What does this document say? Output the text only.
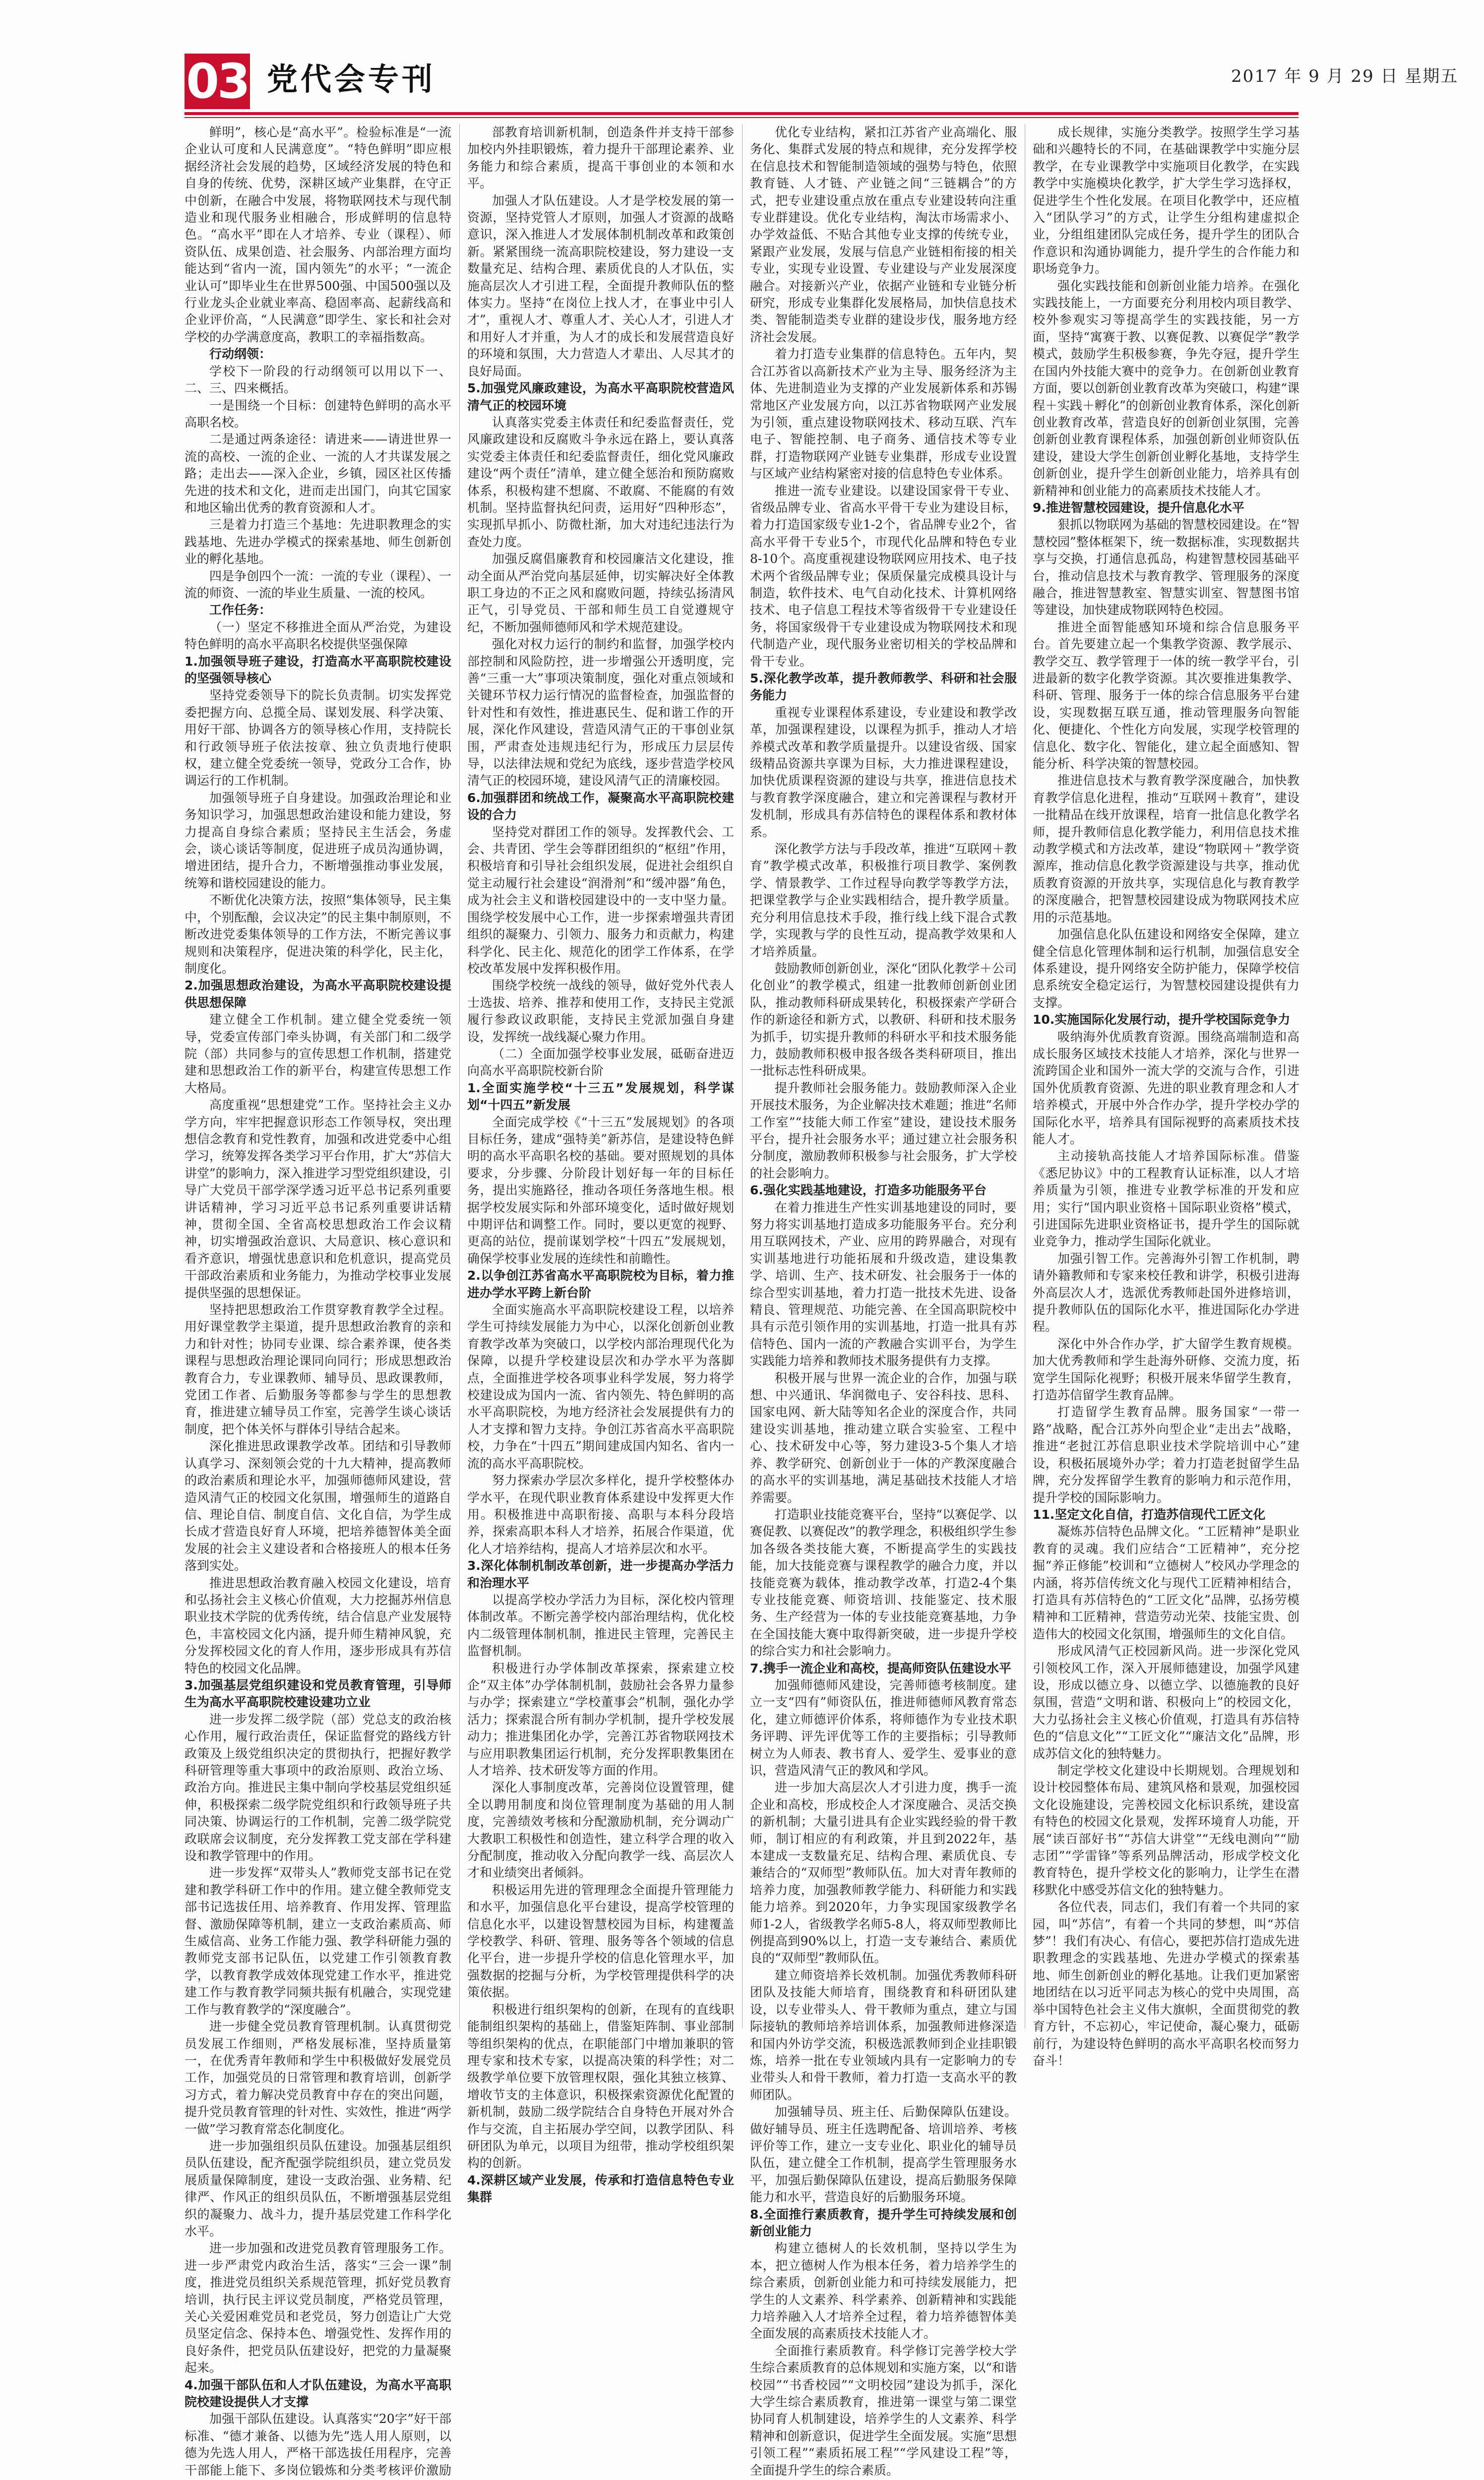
03 党代会专刊	2017 年 9 月 29 日 星期五

鲜明”，核心是“高水平”。检验标准是“一流企业认可度和人民满意度”。“特色鲜明”即应根据经济社会发展的趋势，区域经济发展的特色和自身的传统、优势，深耕区域产业集群，在守正中创新，在融合中发展，将物联网技术与现代制造业和现代服务业相融合，形成鲜明的信息特色。“高水平”即在人才培养、专业（课程）、师资队伍、成果创造、社会服务、内部治理方面均能达到“省内一流，国内领先”的水平；“一流企业认可”即毕业生在世界500强、中国500强以及行业龙头企业就业率高、稳固率高、起薪线高和企业评价高，“人民满意”即学生、家长和社会对学校的办学满意度高，教职工的幸福指数高。

行动纲领：

学校下一阶段的行动纲领可以用以下一、二、三、四来概括。

一是围绕一个目标：创建特色鲜明的高水平高职名校。

二是通过两条途径：请进来——请进世界一流的高校、一流的企业、一流的人才共谋发展之路；走出去——深入企业，乡镇，园区社区传播先进的技术和文化，进而走出国门，向其它国家和地区输出优秀的教育资源和人才。

三是着力打造三个基地：先进职教理念的实践基地、先进办学模式的探索基地、师生创新创业的孵化基地。

四是争创四个一流：一流的专业（课程）、一流的师资、一流的毕业生质量、一流的校风。

工作任务：

（一）坚定不移推进全面从严治党，为建设特色鲜明的高水平高职名校提供坚强保障

1.加强领导班子建设，打造高水平高职院校建设的坚强领导核心

坚持党委领导下的院长负责制。切实发挥党委把握方向、总揽全局、谋划发展、科学决策、用好干部、协调各方的领导核心作用，支持院长和行政领导班子依法按章、独立负责地行使职权，建立健全党委统一领导，党政分工合作，协调运行的工作机制。

加强领导班子自身建设。加强政治理论和业务知识学习，加强思想政治建设和能力建设，努力提高自身综合素质；坚持民主生活会，务虚会，谈心谈话等制度，促进班子成员沟通协调，增进团结，提升合力，不断增强推动事业发展，统筹和谐校园建设的能力。

不断优化决策方法，按照“集体领导，民主集中，个别酝酿，会议决定”的民主集中制原则，不断改进党委集体领导的工作方法，不断完善议事规则和决策程序，促进决策的科学化，民主化，制度化。

2.加强思想政治建设，为高水平高职院校建设提供思想保障

建立健全工作机制。建立健全党委统一领导，党委宣传部门牵头协调，有关部门和二级学院（部）共同参与的宣传思想工作机制，搭建党建和思想政治工作的新平台，构建宣传思想工作大格局。

高度重视“思想建党”工作。坚持社会主义办学方向，牢牢把握意识形态工作领导权，突出理想信念教育和党性教育，加强和改进党委中心组学习，统筹发挥各类学习平台作用，扩大“苏信大讲堂”的影响力，深入推进学习型党组织建设，引导广大党员干部学深学透习近平总书记系列重要讲话精神，学习习近平总书记系列重要讲话精神，贯彻全国、全省高校思想政治工作会议精神，切实增强政治意识、大局意识、核心意识和看齐意识，增强忧患意识和危机意识，提高党员干部政治素质和业务能力，为推动学校事业发展提供坚强的思想保证。

坚持把思想政治工作贯穿教育教学全过程。用好课堂教学主渠道，提升思想政治教育的亲和力和针对性；协同专业课、综合素养课，使各类课程与思想政治理论课同向同行；形成思想政治教育合力，专业课教师、辅导员、思政课教师，党团工作者、后勤服务等都参与学生的思想教育，推进建立辅导员工作室，完善学生谈心谈话制度，把个体关怀与群体引导结合起来。

深化推进思政课教学改革。团结和引导教师认真学习、深刻领会党的十九大精神，提高教师的政治素质和理论水平，加强师德师风建设，营造风清气正的校园文化氛围，增强师生的道路自信、理论自信、制度自信、文化自信，为学生成长成才营造良好育人环境，把培养德智体美全面发展的社会主义建设者和合格接班人的根本任务落到实处。

推进思想政治教育融入校园文化建设，培育和弘扬社会主义核心价值观，大力挖掘苏州信息职业技术学院的优秀传统，结合信息产业发展特色，丰富校园文化内涵，提升师生精神风貌，充分发挥校园文化的育人作用，逐步形成具有苏信特色的校园文化品牌。

3.加强基层党组织建设和党员教育管理，引导师生为高水平高职院校建设建功立业

进一步发挥二级学院（部）党总支的政治核心作用，履行政治责任，保证监督党的路线方针政策及上级党组织决定的贯彻执行，把握好教学科研管理等重大事项中的政治原则、政治立场、政治方向。推进民主集中制向学校基层党组织延伸，积极探索二级学院党组织和行政领导班子共同决策、协调运行的工作机制，完善二级学院党政联席会议制度，充分发挥教工党支部在学科建设和教学管理中的作用。

进一步发挥“双带头人”教师党支部书记在党建和教学科研工作中的作用。建立健全教师党支部书记选拔任用、培养教育、作用发挥、管理监督、激励保障等机制，建立一支政治素质高、师生威信高、业务工作能力强、教学科研能力强的教师党支部书记队伍，以党建工作引领教育教学，以教育教学成效体现党建工作水平，推进党建工作与教育教学同频共振有机融合，实现党建工作与教育教学的“深度融合”。

进一步健全党员教育管理机制。认真贯彻党员发展工作细则，严格发展标准，坚持质量第一，在优秀青年教师和学生中积极做好发展党员工作，加强党员的日常管理和教育培训，创新学习方式，着力解决党员教育中存在的突出问题，提升党员教育管理的针对性、实效性，推进“两学一做”学习教育常态化制度化。

进一步加强组织员队伍建设。加强基层组织员队伍建设，配齐配强学院组织员，建立党员发展质量保障制度，建设一支政治强、业务精、纪律严、作风正的组织员队伍，不断增强基层党组织的凝聚力、战斗力，提升基层党建工作科学化水平。

进一步加强和改进党员教育管理服务工作。进一步严肃党内政治生活，落实“三会一课”制度，推进党员组织关系规范管理，抓好党员教育培训，执行民主评议党员制度，严格党员管理，关心关爱困难党员和老党员，努力创造让广大党员坚定信念、保持本色、增强党性、发挥作用的良好条件，把党员队伍建设好，把党的力量凝聚起来。

4.加强干部队伍和人才队伍建设，为高水平高职院校建设提供人才支撑

加强干部队伍建设。认真落实“20字”好干部标准、“德才兼备、以德为先”选人用人原则，以德为先选人用人，严格干部选拔任用程序，完善干部能上能下、多岗位锻炼和分类考核评价激励

部教育培训新机制，创造条件并支持干部参加校内外挂职锻炼，着力提升干部理论素养、业务能力和综合素质，提高干事创业的本领和水平。

加强人才队伍建设。人才是学校发展的第一资源，坚持党管人才原则，加强人才资源的战略意识，深入推进人才发展体制机制改革和政策创新。紧紧围绕一流高职院校建设，努力建设一支数量充足、结构合理、素质优良的人才队伍，实施高层次人才引进工程，全面提升教师队伍的整体实力。坚持“在岗位上找人才，在事业中引人才”，重视人才、尊重人才、关心人才，引进人才和用好人才并重，为人才的成长和发展营造良好的环境和氛围，大力营造人才辈出、人尽其才的良好局面。

5.加强党风廉政建设，为高水平高职院校营造风清气正的校园环境

认真落实党委主体责任和纪委监督责任，党风廉政建设和反腐败斗争永远在路上，要认真落实党委主体责任和纪委监督责任，细化党风廉政建设“两个责任”清单，建立健全惩治和预防腐败体系，积极构建不想腐、不敢腐、不能腐的有效机制。坚持监督执纪问责，运用好“四种形态”，实现抓早抓小、防微杜渐，加大对违纪违法行为查处力度。

加强反腐倡廉教育和校园廉洁文化建设，推动全面从严治党向基层延伸，切实解决好全体教职工身边的不正之风和腐败问题，持续弘扬清风正气，引导党员、干部和师生员工自觉遵规守纪，不断加强师德师风和学术规范建设。

强化对权力运行的制约和监督，加强学校内部控制和风险防控，进一步增强公开透明度，完善“三重一大”事项决策制度，强化对重点领域和关键环节权力运行情况的监督检查，加强监督的针对性和有效性，推进惠民生、促和谐工作的开展，深化作风建设，营造风清气正的干事创业氛围，严肃查处违规违纪行为，形成压力层层传导，以法律法规和党纪为底线，逐步营造学校风清气正的校园环境，建设风清气正的清廉校园。

6.加强群团和统战工作，凝聚高水平高职院校建设的合力

坚持党对群团工作的领导。发挥教代会、工会、共青团、学生会等群团组织的“枢纽”作用，积极培育和引导社会组织发展，促进社会组织自觉主动履行社会建设“润滑剂”和“缓冲器”角色，成为社会主义和谐校园建设中的一支中坚力量。围绕学校发展中心工作，进一步探索增强共青团组织的凝聚力、引领力、服务力和贡献力，构建科学化、民主化、规范化的团学工作体系，在学校改革发展中发挥积极作用。

围绕学校统一战线的领导，做好党外代表人士选拔、培养、推荐和使用工作，支持民主党派履行参政议政职能，支持民主党派加强自身建设，发挥统一战线凝心聚力作用。

（二）全面加强学校事业发展，砥砺奋进迈向高水平高职院校新台阶

1.全面实施学校“十三五”发展规划，科学谋划“十四五”新发展

全面完成学校《“十三五”发展规划》的各项目标任务，建成“强特美”新苏信，是建设特色鲜明的高水平高职名校的基础。要对照规划的具体要求，分步骤、分阶段计划好每一年的目标任务，提出实施路径，推动各项任务落地生根。根据学校发展实际和外部环境变化，适时做好规划中期评估和调整工作。同时，要以更宽的视野、更高的站位，提前谋划学校“十四五”发展规划，确保学校事业发展的连续性和前瞻性。

2.以争创江苏省高水平高职院校为目标，着力推进办学水平跨上新台阶

全面实施高水平高职院校建设工程，以培养学生可持续发展能力为中心，以深化创新创业教育教学改革为突破口，以学校内部治理现代化为保障，以提升学校建设层次和办学水平为落脚点，全面推进学校各项事业科学发展，努力将学校建设成为国内一流、省内领先、特色鲜明的高水平高职院校，为地方经济社会发展提供有力的人才支撑和智力支持。争创江苏省高水平高职院校，力争在“十四五”期间建成国内知名、省内一流的高水平高职院校。

努力探索办学层次多样化，提升学校整体办学水平，在现代职业教育体系建设中发挥更大作用。积极推进中高职衔接、高职与本科分段培养，探索高职本科人才培养，拓展合作渠道，优化人才培养结构，提高人才培养层次和水平。

3.深化体制机制改革创新，进一步提高办学活力和治理水平

以提高学校办学活力为目标，深化校内管理体制改革。不断完善学校内部治理结构，优化校内二级管理体制机制，推进民主管理，完善民主监督机制。

积极进行办学体制改革探索，探索建立校企“双主体”办学体制机制，鼓励社会各界力量参与办学；探索建立“学校董事会”机制，强化办学活力；探索混合所有制办学机制，提升学校发展动力；推进集团化办学，完善江苏省物联网技术与应用职教集团运行机制，充分发挥职教集团在人才培养、技术研发等方面的作用。

深化人事制度改革，完善岗位设置管理，健全以聘用制度和岗位管理制度为基础的用人制度，完善绩效考核和分配激励机制，充分调动广大教职工积极性和创造性，建立科学合理的收入分配制度，推动收入分配向教学一线、高层次人才和业绩突出者倾斜。

积极运用先进的管理理念全面提升管理能力和水平，加强信息化平台建设，提高学校管理的信息化水平，以建设智慧校园为目标，构建覆盖学校教学、科研、管理、服务等各个领域的信息化平台，进一步提升学校的信息化管理水平，加强数据的挖掘与分析，为学校管理提供科学的决策依据。

积极进行组织架构的创新，在现有的直线职能制组织架构的基础上，借鉴矩阵制、事业部制等组织架构的优点，在职能部门中增加兼职的管理专家和技术专家，以提高决策的科学性；对二级教学单位要下放管理权限，强化其独立核算、增收节支的主体意识，积极探索资源优化配置的新机制，鼓励二级学院结合自身特色开展对外合作与交流，自主拓展办学空间，以教学团队、科研团队为单元，以项目为纽带，推动学校组织架构的创新。

4.深耕区域产业发展，传承和打造信息特色专业集群

优化专业结构，紧扣江苏省产业高端化、服务化、集群式发展的特点和规律，充分发挥学校在信息技术和智能制造领域的强势与特色，依照教育链、人才链、产业链之间“三链耦合”的方式，把专业建设重点放在重点专业建设转向注重专业群建设。优化专业结构，淘汰市场需求小、办学效益低、不贴合其他专业支撑的传统专业，紧跟产业发展，发展与信息产业链相衔接的相关专业，实现专业设置、专业建设与产业发展深度融合。对接新兴产业，依据产业链和专业链分析研究，形成专业集群化发展格局，加快信息技术类、智能制造类专业群的建设步伐，服务地方经济社会发展。

着力打造专业集群的信息特色。五年内，契合江苏省以高新技术产业为主导、服务经济为主体、先进制造业为支撑的产业发展新体系和苏锡常地区产业发展方向，以江苏省物联网产业发展为引领，重点建设物联网技术、移动互联、汽车电子、智能控制、电子商务、通信技术等专业群，打造物联网产业链专业集群，形成专业设置与区域产业结构紧密对接的信息特色专业体系。

推进一流专业建设。以建设国家骨干专业、省级品牌专业、省高水平骨干专业为建设目标，着力打造国家级专业1-2个，省品牌专业2个，省高水平骨干专业5个，市现代化品牌和特色专业8-10个。高度重视建设物联网应用技术、电子技术两个省级品牌专业；保质保量完成模具设计与制造，软件技术、电气自动化技术、计算机网络技术、电子信息工程技术等省级骨干专业建设任务，将国家级骨干专业建设成为物联网技术和现代制造产业，现代服务业密切相关的学校品牌和骨干专业。

5.深化教学改革，提升教师教学、科研和社会服务能力

重视专业课程体系建设，专业建设和教学改革，加强课程建设，以课程为抓手，推动人才培养模式改革和教学质量提升。以建设省级、国家级精品资源共享课为目标，大力推进课程建设，加快优质课程资源的建设与共享，推进信息技术与教育教学深度融合，建立和完善课程与教材开发机制，形成具有苏信特色的课程体系和教材体系。

深化教学方法与手段改革，推进“互联网＋教育”教学模式改革，积极推行项目教学、案例教学、情景教学、工作过程导向教学等教学方法，把课堂教学与企业实践相结合，提升教学质量。充分利用信息技术手段，推行线上线下混合式教学，实现教与学的良性互动，提高教学效果和人才培养质量。

鼓励教师创新创业，深化“团队化教学＋公司化创业”的教学模式，组建一批教师创新创业团队，推动教师科研成果转化，积极探索产学研合作的新途径和新方式，以教研、科研和技术服务为抓手，切实提升教师的科研水平和技术服务能力，鼓励教师积极申报各级各类科研项目，推出一批标志性科研成果。

提升教师社会服务能力。鼓励教师深入企业开展技术服务，为企业解决技术难题；推进“名师工作室”“技能大师工作室”建设，建设技术服务平台，提升社会服务水平；通过建立社会服务积分制度，激励教师积极参与社会服务，扩大学校的社会影响力。

6.强化实践基地建设，打造多功能服务平台

在着力推进生产性实训基地建设的同时，要努力将实训基地打造成多功能服务平台。充分利用互联网技术，产业、应用的跨界融合，对现有实训基地进行功能拓展和升级改造，建设集教学、培训、生产、技术研发、社会服务于一体的综合型实训基地，着力打造一批技术先进、设备精良、管理规范、功能完善、在全国高职院校中具有示范引领作用的实训基地，打造一批具有苏信特色、国内一流的产教融合实训平台，为学生实践能力培养和教师技术服务提供有力支撑。

积极开展与世界一流企业的合作，加强与联想、中兴通讯、华润微电子、安谷科技、思科、国家电网、新大陆等知名企业的深度合作，共同建设实训基地，推动建立联合实验室、工程中心、技术研发中心等，努力建设3-5个集人才培养、教学研究、创新创业于一体的产教深度融合的高水平的实训基地，满足基础技术技能人才培养需要。

打造职业技能竞赛平台，坚持“以赛促学、以赛促教、以赛促改”的教学理念，积极组织学生参加各级各类技能大赛，不断提高学生的实践技能，加大技能竞赛与课程教学的融合力度，并以技能竞赛为载体，推动教学改革，打造2-4个集专业技能竞赛、师资培训、技能鉴定、技术服务、生产经营为一体的专业技能竞赛基地，力争在全国技能大赛中取得新突破，进一步提升学校的综合实力和社会影响力。

7.携手一流企业和高校，提高师资队伍建设水平

加强师德师风建设，完善师德考核制度。建立一支“四有”师资队伍，推进师德师风教育常态化，建立师德评价体系，将师德作为专业技术职务评聘、评先评优等工作的主要指标；引导教师树立为人师表、教书育人、爱学生、爱事业的意识，营造风清气正的教风和学风。

进一步加大高层次人才引进力度，携手一流企业和高校，形成校企人才深度融合、灵活交换的新机制；大量引进具有企业实践经验的骨干教师，制订相应的有利政策，并且到2022年，基本建成一支数量充足、结构合理、素质优良、专兼结合的“双师型”教师队伍。加大对青年教师的培养力度，加强教师教学能力、科研能力和实践能力培养。到2020年，力争实现国家级教学名师1-2人，省级教学名师5-8人，将双师型教师比例提高到90%以上，打造一支专兼结合、素质优良的“双师型”教师队伍。

建立师资培养长效机制。加强优秀教师科研团队及技能大师培育，围绕教育和科研团队建设，以专业带头人、骨干教师为重点，建立与国际接轨的教师培养培训体系，加强教师进修深造和国内外访学交流，积极选派教师到企业挂职锻炼，培养一批在专业领域内具有一定影响力的专业带头人和骨干教师，着力打造一支高水平的教师团队。

加强辅导员、班主任、后勤保障队伍建设。做好辅导员、班主任选聘配备、培训培养、考核评价等工作，建立一支专业化、职业化的辅导员队伍，建立健全工作机制，提高学生管理服务水平，加强后勤保障队伍建设，提高后勤服务保障能力和水平，营造良好的后勤服务环境。

8.全面推行素质教育，提升学生可持续发展和创新创业能力

构建立德树人的长效机制，坚持以学生为本，把立德树人作为根本任务，着力培养学生的综合素质，创新创业能力和可持续发展能力，把学生的人文素养、科学素养、创新精神和实践能力培养融入人才培养全过程，着力培养德智体美全面发展的高素质技术技能人才。

全面推行素质教育。科学修订完善学校大学生综合素质教育的总体规划和实施方案，以“和谐校园”“书香校园”“文明校园”建设为抓手，深化大学生综合素质教育，推进第一课堂与第二课堂协同育人机制建设，培养学生的人文素养、科学精神和创新意识，促进学生全面发展。实施“思想引领工程”“素质拓展工程”“学风建设工程”等，全面提升学生的综合素质。

成长规律，实施分类教学。按照学生学习基础和兴趣特长的不同，在基础课教学中实施分层教学，在专业课教学中实施项目化教学，在实践教学中实施模块化教学，扩大学生学习选择权，促进学生个性化发展。在项目化教学中，还应植入“团队学习”的方式，让学生分组构建虚拟企业，分组组建团队完成任务，提升学生的团队合作意识和沟通协调能力，提升学生的合作能力和职场竞争力。

强化实践技能和创新创业能力培养。在强化实践技能上，一方面要充分利用校内项目教学、校外参观实习等提高学生的实践技能，另一方面，坚持“寓赛于教、以赛促教、以赛促学”教学模式，鼓励学生积极参赛，争先夺冠，提升学生在国内外技能大赛中的竞争力。在创新创业教育方面，要以创新创业教育改革为突破口，构建“课程＋实践＋孵化”的创新创业教育体系，深化创新创业教育改革，营造良好的创新创业氛围，完善创新创业教育课程体系，加强创新创业师资队伍建设，建设大学生创新创业孵化基地，支持学生创新创业，提升学生创新创业能力，培养具有创新精神和创业能力的高素质技术技能人才。

9.推进智慧校园建设，提升信息化水平

狠抓以物联网为基础的智慧校园建设。在“智慧校园”整体框架下，统一数据标准，实现数据共享与交换，打通信息孤岛，构建智慧校园基础平台，推动信息技术与教育教学、管理服务的深度融合，推进智慧教室、智慧实训室、智慧图书馆等建设，加快建成物联网特色校园。

推进全面智能感知环境和综合信息服务平台。首先要建立起一个集教学资源、教学展示、教学交互、教学管理于一体的统一教学平台，引进最新的数字化教学资源。其次要推进集教学、科研、管理、服务于一体的综合信息服务平台建设，实现数据互联互通，推动管理服务向智能化、便捷化、个性化方向发展，实现学校管理的信息化、数字化、智能化，建立起全面感知、智能分析、科学决策的智慧校园。

推进信息技术与教育教学深度融合，加快教育教学信息化进程，推动“互联网＋教育”，建设一批精品在线开放课程，培育一批信息化教学名师，提升教师信息化教学能力，利用信息技术推动教学模式和方法改革，建设“物联网＋”教学资源库，推动信息化教学资源建设与共享，推动优质教育资源的开放共享，实现信息化与教育教学的深度融合，把智慧校园建设成为物联网技术应用的示范基地。

加强信息化队伍建设和网络安全保障，建立健全信息化管理体制和运行机制，加强信息安全体系建设，提升网络安全防护能力，保障学校信息系统安全稳定运行，为智慧校园建设提供有力支撑。

10.实施国际化发展行动，提升学校国际竞争力

吸纳海外优质教育资源。围绕高端制造和高成长服务区域技术技能人才培养，深化与世界一流跨国企业和国外一流大学的交流与合作，引进国外优质教育资源、先进的职业教育理念和人才培养模式，开展中外合作办学，提升学校办学的国际化水平，培养具有国际视野的高素质技术技能人才。

主动接轨高技能人才培养国际标准。借鉴《悉尼协议》中的工程教育认证标准，以人才培养质量为引领，推进专业教学标准的开发和应用；实行“国内职业资格＋国际职业资格”模式，引进国际先进职业资格证书，提升学生的国际就业竞争力，推动学生国际化就业。

加强引智工作。完善海外引智工作机制，聘请外籍教师和专家来校任教和讲学，积极引进海外高层次人才，选派优秀教师赴国外进修培训，提升教师队伍的国际化水平，推进国际化办学进程。

深化中外合作办学，扩大留学生教育规模。加大优秀教师和学生赴海外研修、交流力度，拓宽学生国际化视野；积极开展来华留学生教育，打造苏信留学生教育品牌。

打造留学生教育品牌。服务国家“一带一路”战略，配合江苏外向型企业“走出去”战略，推进“老挝江苏信息职业技术学院培训中心”建设，积极拓展境外办学；着力打造老挝留学生品牌，充分发挥留学生教育的影响力和示范作用，提升学校的国际影响力。

11.坚定文化自信，打造苏信现代工匠文化

凝炼苏信特色品牌文化。“工匠精神”是职业教育的灵魂。我们应结合“工匠精神”，充分挖掘“养正修能”校训和“立德树人”校风办学理念的内涵，将苏信传统文化与现代工匠精神相结合，打造具有苏信特色的“工匠文化”品牌，弘扬劳模精神和工匠精神，营造劳动光荣、技能宝贵、创造伟大的校园文化氛围，增强师生的文化自信。

形成风清气正校园新风尚。进一步深化党风引领校风工作，深入开展师德建设，加强学风建设，形成以德立身、以德立学、以德施教的良好氛围，营造“文明和谐、积极向上”的校园文化，大力弘扬社会主义核心价值观，打造具有苏信特色的“信息文化”“工匠文化”“廉洁文化”品牌，形成苏信文化的独特魅力。

制定学校文化建设中长期规划。合理规划和设计校园整体布局、建筑风格和景观，加强校园文化设施建设，完善校园文化标识系统，建设富有特色的校园文化景观，发挥环境育人功能，开展“读百部好书”“苏信大讲堂”“无线电测向”“励志团”“学雷锋”等系列品牌活动，形成学校文化教育特色，提升学校文化的影响力，让学生在潜移默化中感受苏信文化的独特魅力。

各位代表，同志们，我们有着一个共同的家园，叫“苏信”，有着一个共同的梦想，叫“苏信梦”！我们有决心、有信心，要把苏信打造成先进职教理念的实践基地、先进办学模式的探索基地、师生创新创业的孵化基地。让我们更加紧密地团结在以习近平同志为核心的党中央周围，高举中国特色社会主义伟大旗帜，全面贯彻党的教育方针，不忘初心，牢记使命，凝心聚力，砥砺前行，为建设特色鲜明的高水平高职名校而努力奋斗！
